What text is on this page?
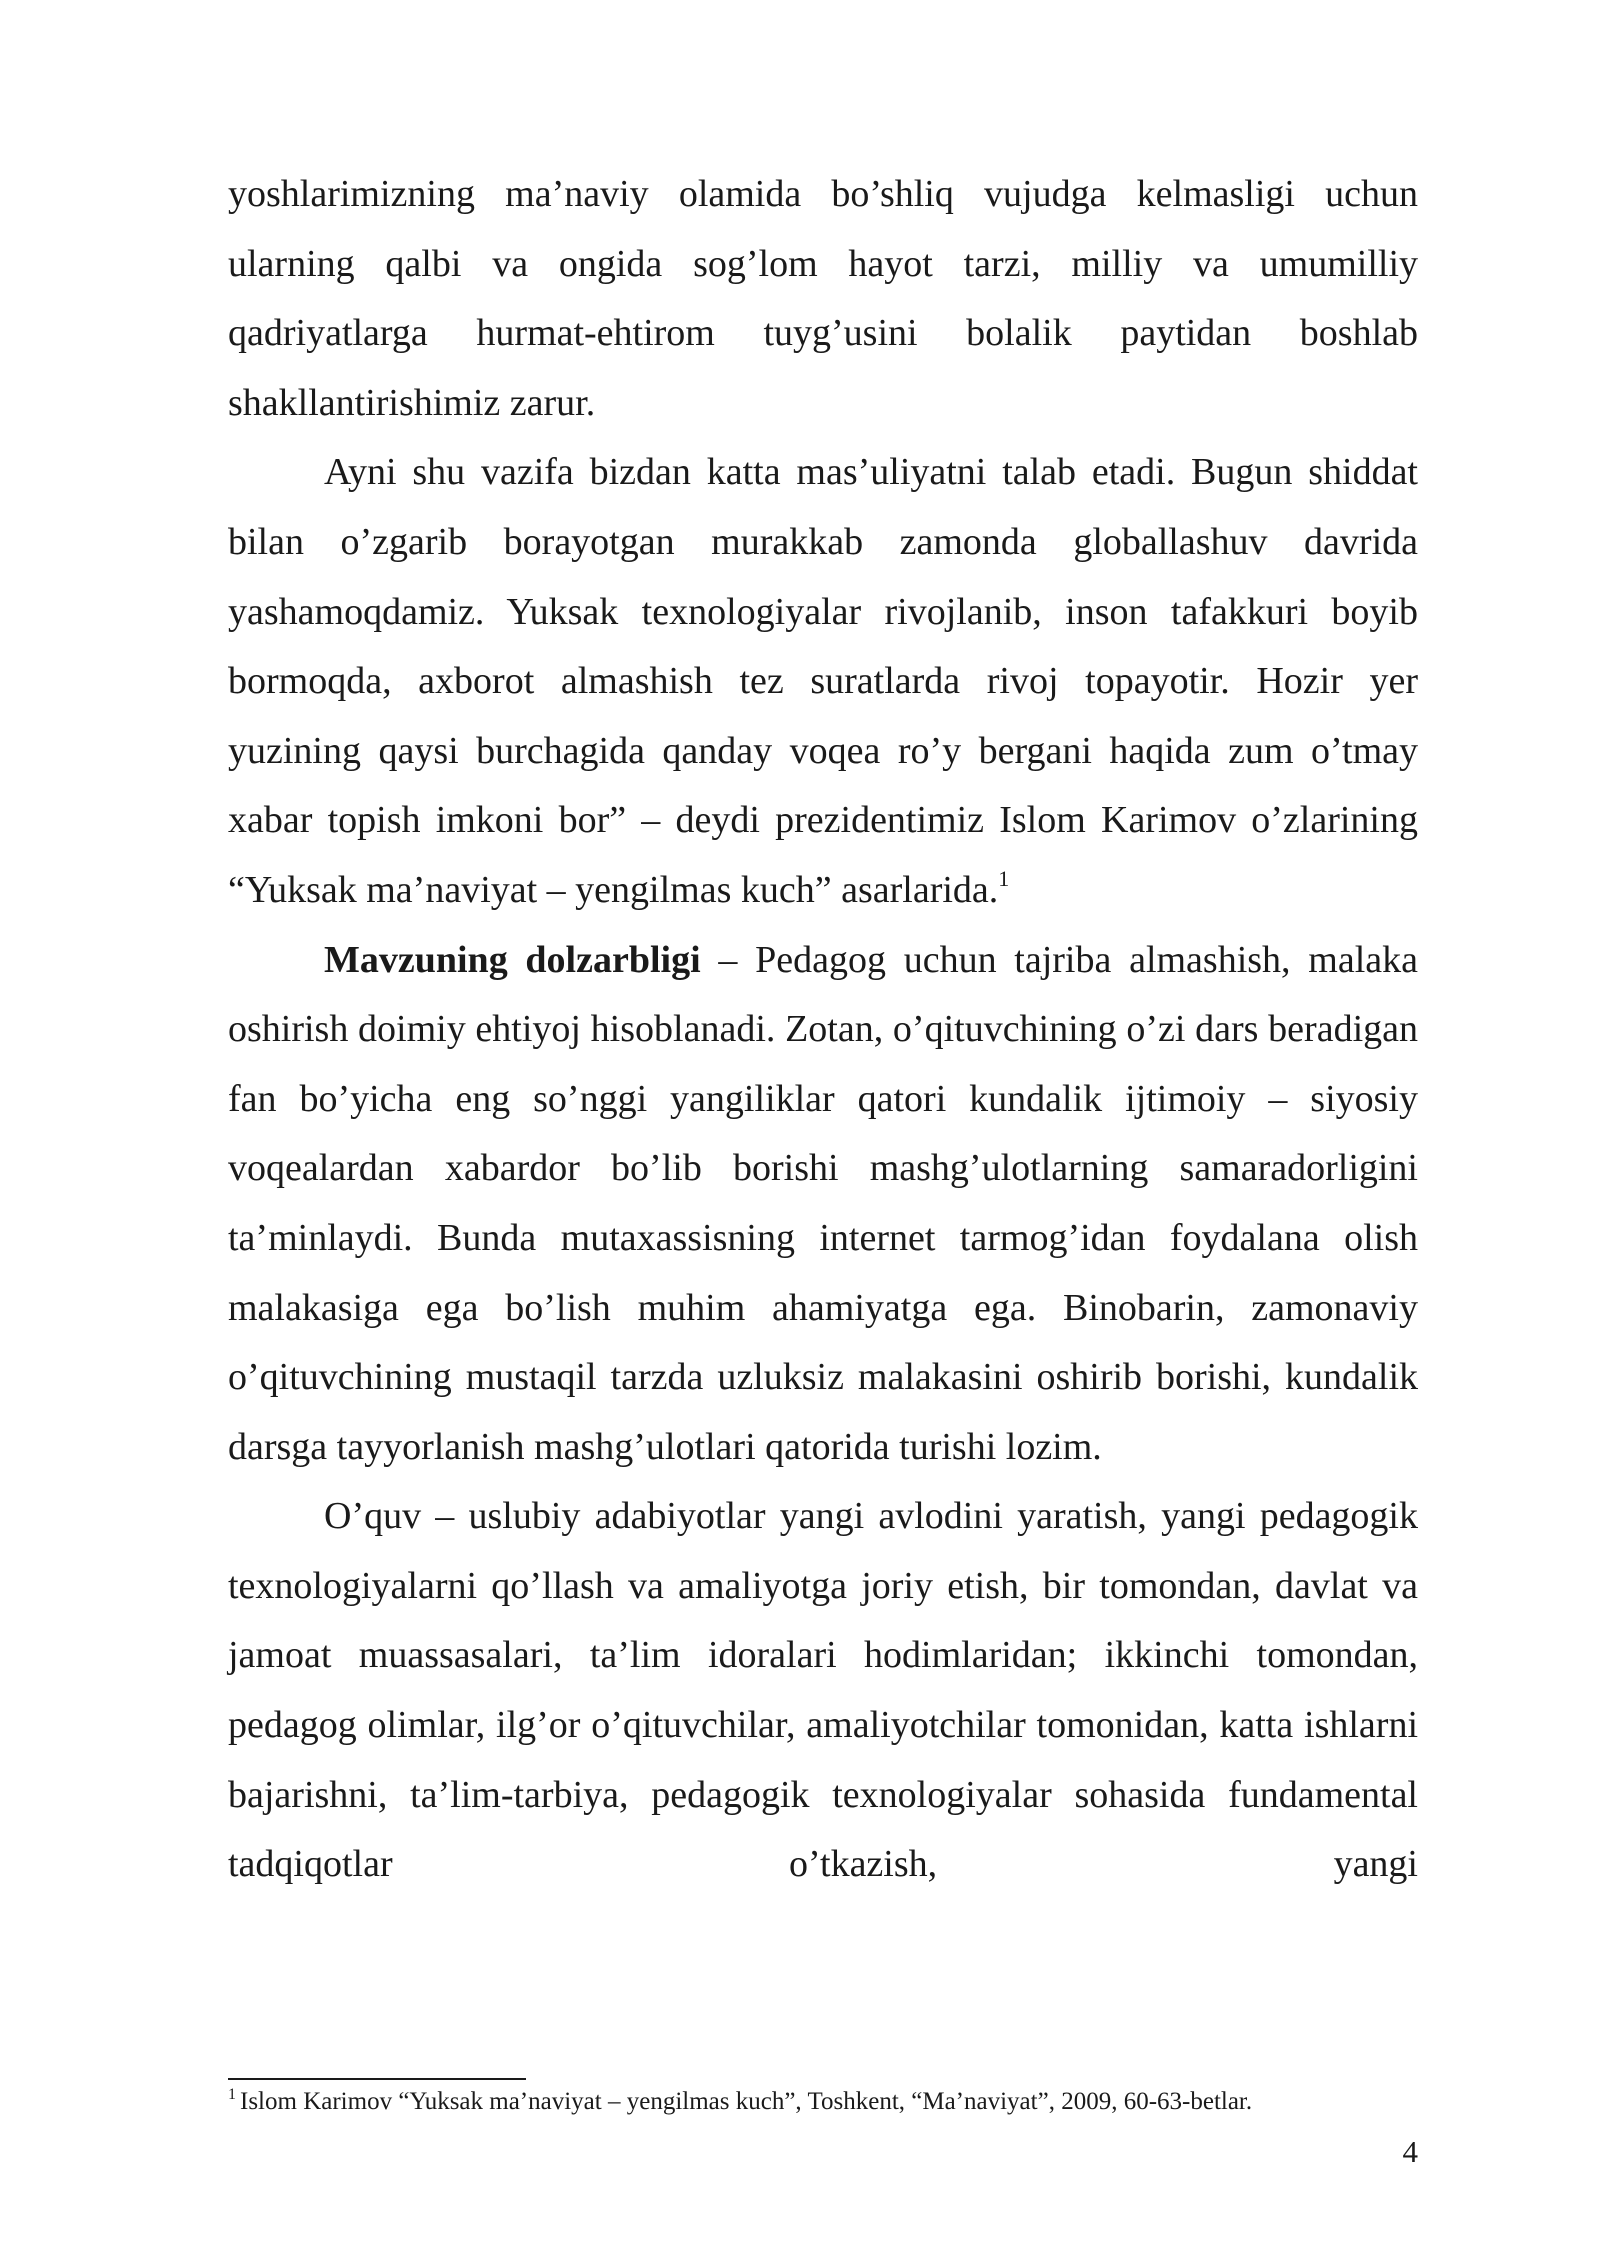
yoshlarimizning ma’naviy olamida bo’shliq vujudga kelmasligi uchun ularning qalbi va ongida sog’lom hayot tarzi, milliy va umumilliy qadriyatlarga hurmat-ehtirom tuyg’usini bolalik paytidan boshlab shakllantirishimiz zarur.

Ayni shu vazifa bizdan katta mas’uliyatni talab etadi. Bugun shiddat bilan o’zgarib borayotgan murakkab zamonda globallashuv davrida yashamoqdamiz. Yuksak texnologiyalar rivojlanib, inson tafakkuri boyib bormoqda, axborot almashish tez suratlarda rivoj topayotir. Hozir yer yuzining qaysi burchagida qanday voqea ro’y bergani haqida zum o’tmay xabar topish imkoni bor” – deydi prezidentimiz Islom Karimov o’zlarining “Yuksak ma’naviyat – yengilmas kuch” asarlarida.$^1$

Mavzuning dolzarbligi – Pedagog uchun tajriba almashish, malaka oshirish doimiy ehtiyoj hisoblanadi. Zotan, o’qituvchining o’zi dars beradigan fan bo’yicha eng so’nggi yangiliklar qatori kundalik ijtimoiy – siyosiy voqealardan xabardor bo’lib borishi mashg’ulotlarning samaradorligini ta’minlaydi. Bunda mutaxassisning internet tarmog’idan foydalana olish malakasiga ega bo’lish muhim ahamiyatga ega. Binobarin, zamonaviy o’qituvchining mustaqil tarzda uzluksiz malakasini oshirib borishi, kundalik darsga tayyorlanish mashg’ulotlari qatorida turishi lozim.

O’quv – uslubiy adabiyotlar yangi avlodini yaratish, yangi pedagogik texnologiyalarni qo’llash va amaliyotga joriy etish, bir tomondan, davlat va jamoat muassasalari, ta’lim idoralari hodimlaridan; ikkinchi tomondan, pedagog olimlar, ilg’or o’qituvchilar, amaliyotchilar tomonidan, katta ishlarni bajarishni, ta’lim-tarbiya, pedagogik texnologiyalar sohasida fundamental tadqiqotlar o’tkazish, yangi

$^1$ Islom Karimov “Yuksak ma’naviyat – yengilmas kuch”, Toshkent, “Ma’naviyat”, 2009, 60-63-betlar.
4
